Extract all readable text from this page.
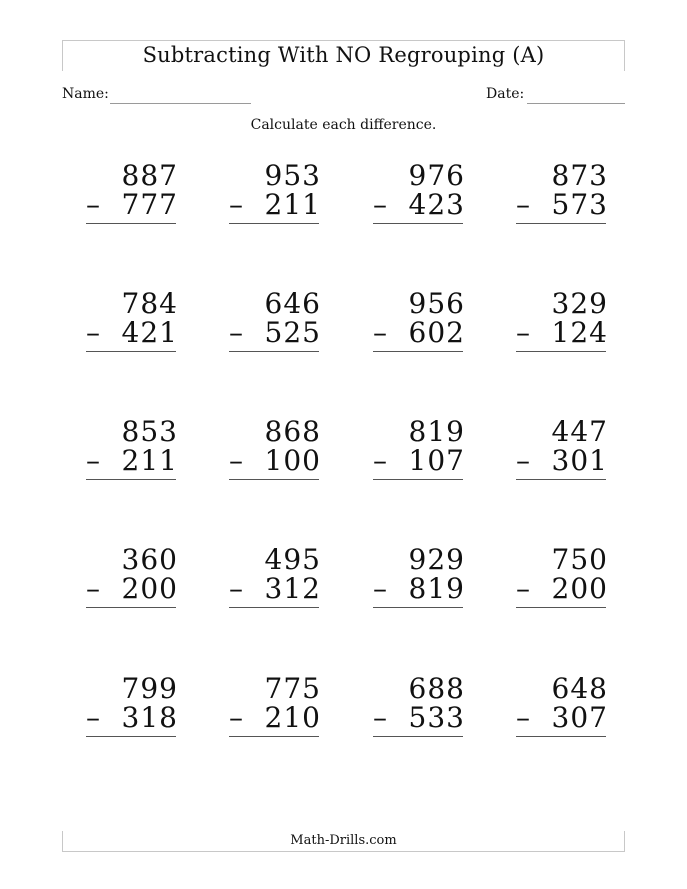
Subtracting With NO Regrouping (A)
Name:	Date:
Calculate each difference.
887
– 777
953
– 211
976
– 423
873
– 573
784
– 421
646
– 525
956
– 602
329
– 124
853
– 211
868
– 100
819
– 107
447
– 301
360
– 200
495
– 312
929
– 819
750
– 200
799
– 318
775
– 210
688
– 533
648
– 307
Math-Drills.com
